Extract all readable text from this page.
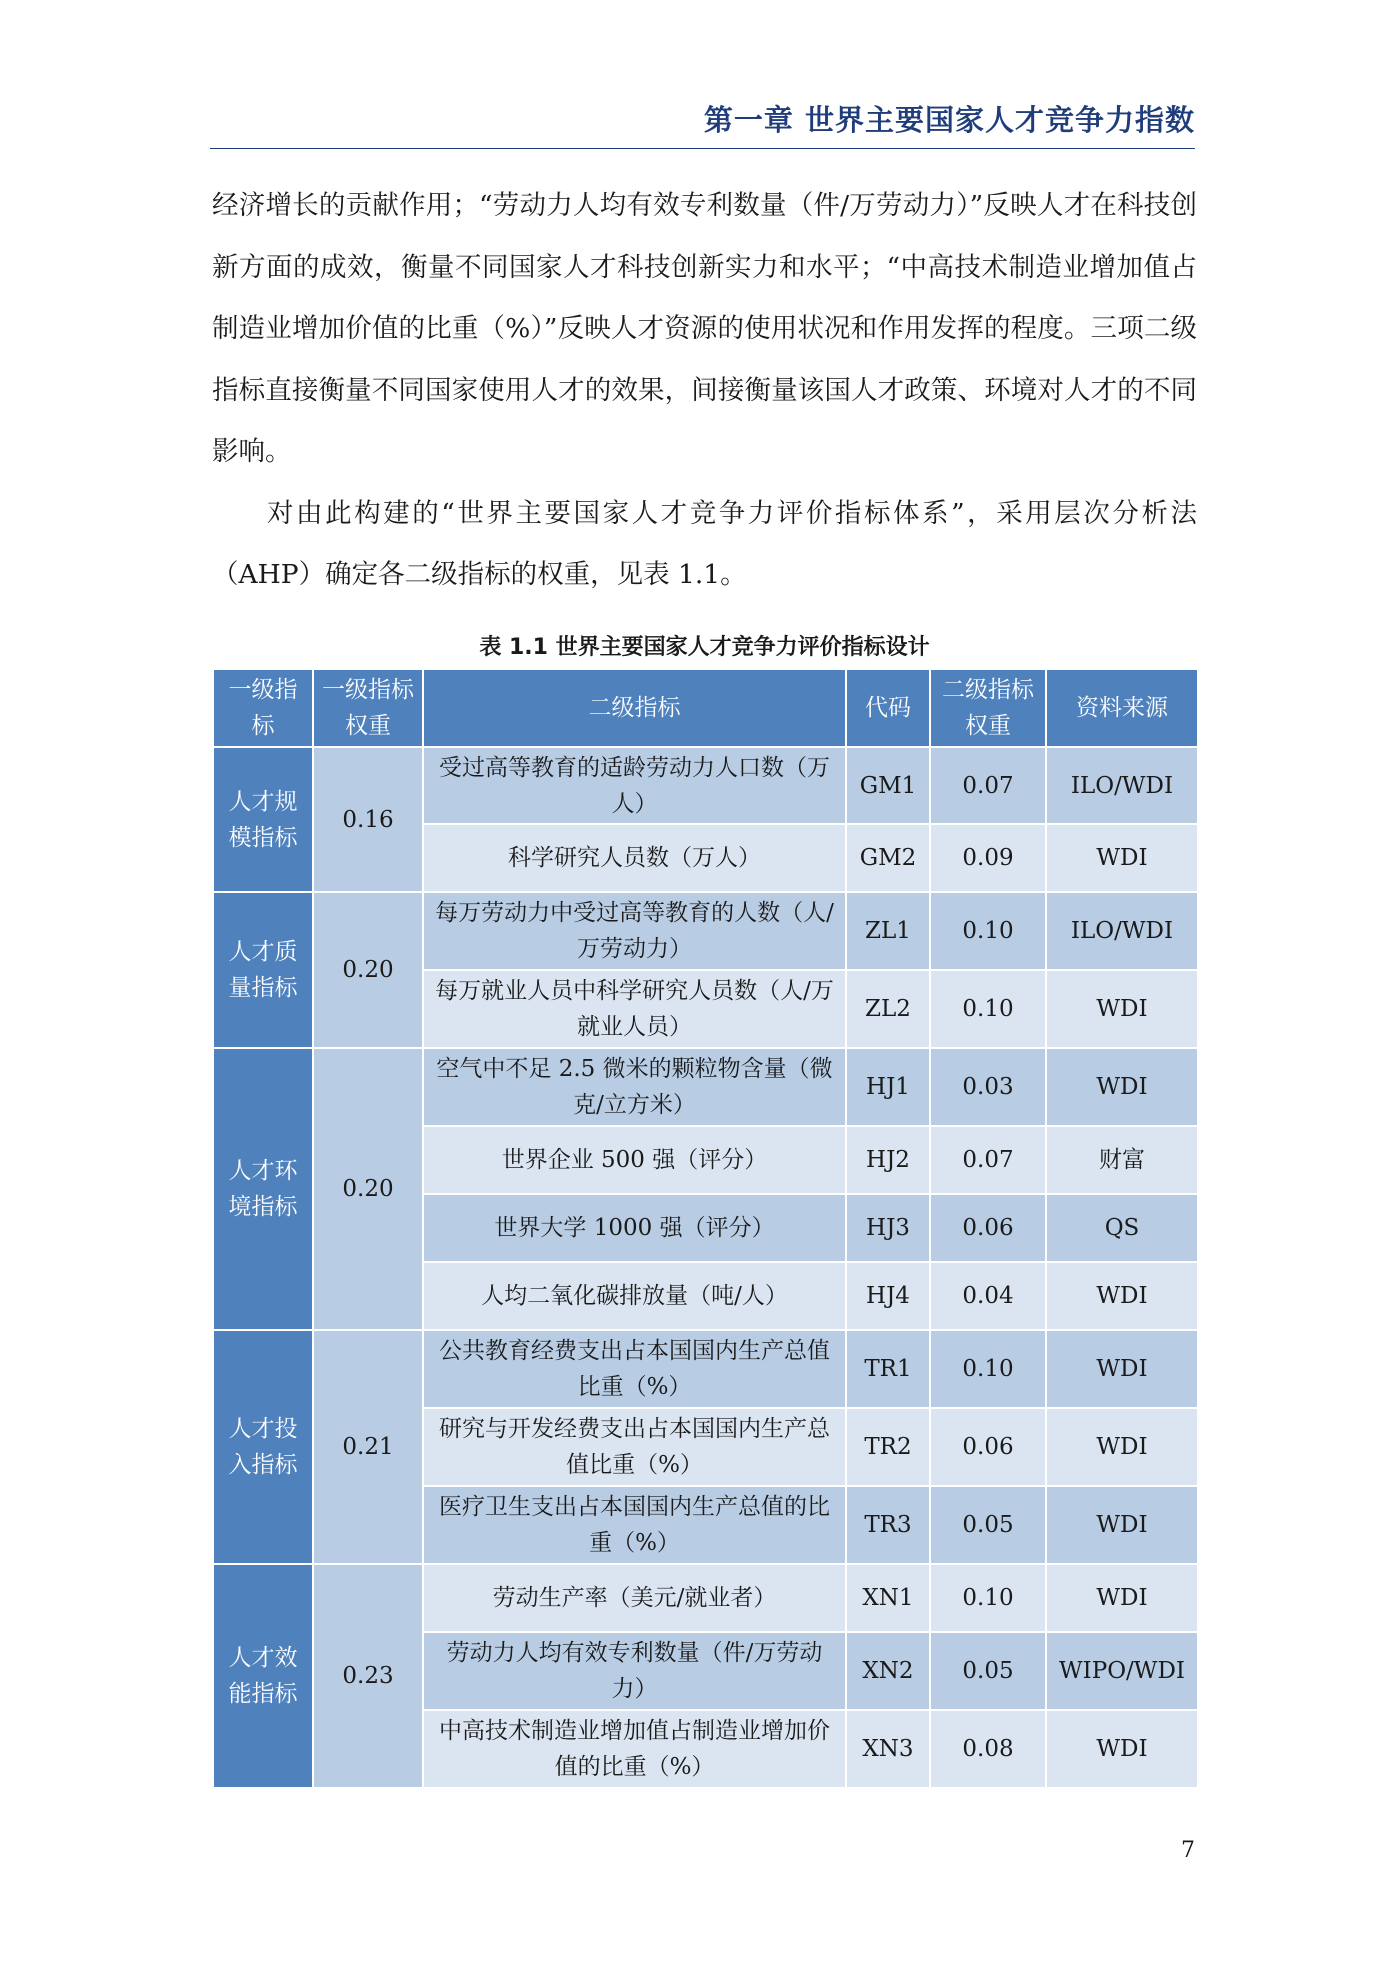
第一章 世界主要国家人才竞争力指数

经济增长的贡献作用；“劳动力人均有效专利数量（件/万劳动力）”反映人才在科技创新方面的成效，衡量不同国家人才科技创新实力和水平；“中高技术制造业增加值占制造业增加价值的比重（%）”反映人才资源的使用状况和作用发挥的程度。三项二级指标直接衡量不同国家使用人才的效果，间接衡量该国人才政策、环境对人才的不同影响。

对由此构建的“世界主要国家人才竞争力评价指标体系”，采用层次分析法（AHP）确定各二级指标的权重，见表 1.1。

表 1.1 世界主要国家人才竞争力评价指标设计
一级指标	一级指标权重	二级指标	代码	二级指标权重	资料来源
人才规模指标	0.16	受过高等教育的适龄劳动力人口数（万人）	GM1	0.07	ILO/WDI
		科学研究人员数（万人）	GM2	0.09	WDI
人才质量指标	0.20	每万劳动力中受过高等教育的人数（人/万劳动力）	ZL1	0.10	ILO/WDI
		每万就业人员中科学研究人员数（人/万就业人员）	ZL2	0.10	WDI
人才环境指标	0.20	空气中不足 2.5 微米的颗粒物含量（微克/立方米）	HJ1	0.03	WDI
		世界企业 500 强（评分）	HJ2	0.07	财富
		世界大学 1000 强（评分）	HJ3	0.06	QS
		人均二氧化碳排放量（吨/人）	HJ4	0.04	WDI
人才投入指标	0.21	公共教育经费支出占本国国内生产总值比重（%）	TR1	0.10	WDI
		研究与开发经费支出占本国国内生产总值比重（%）	TR2	0.06	WDI
		医疗卫生支出占本国国内生产总值的比重（%）	TR3	0.05	WDI
人才效能指标	0.23	劳动生产率（美元/就业者）	XN1	0.10	WDI
		劳动力人均有效专利数量（件/万劳动力）	XN2	0.05	WIPO/WDI
		中高技术制造业增加值占制造业增加价值的比重（%）	XN3	0.08	WDI
7
